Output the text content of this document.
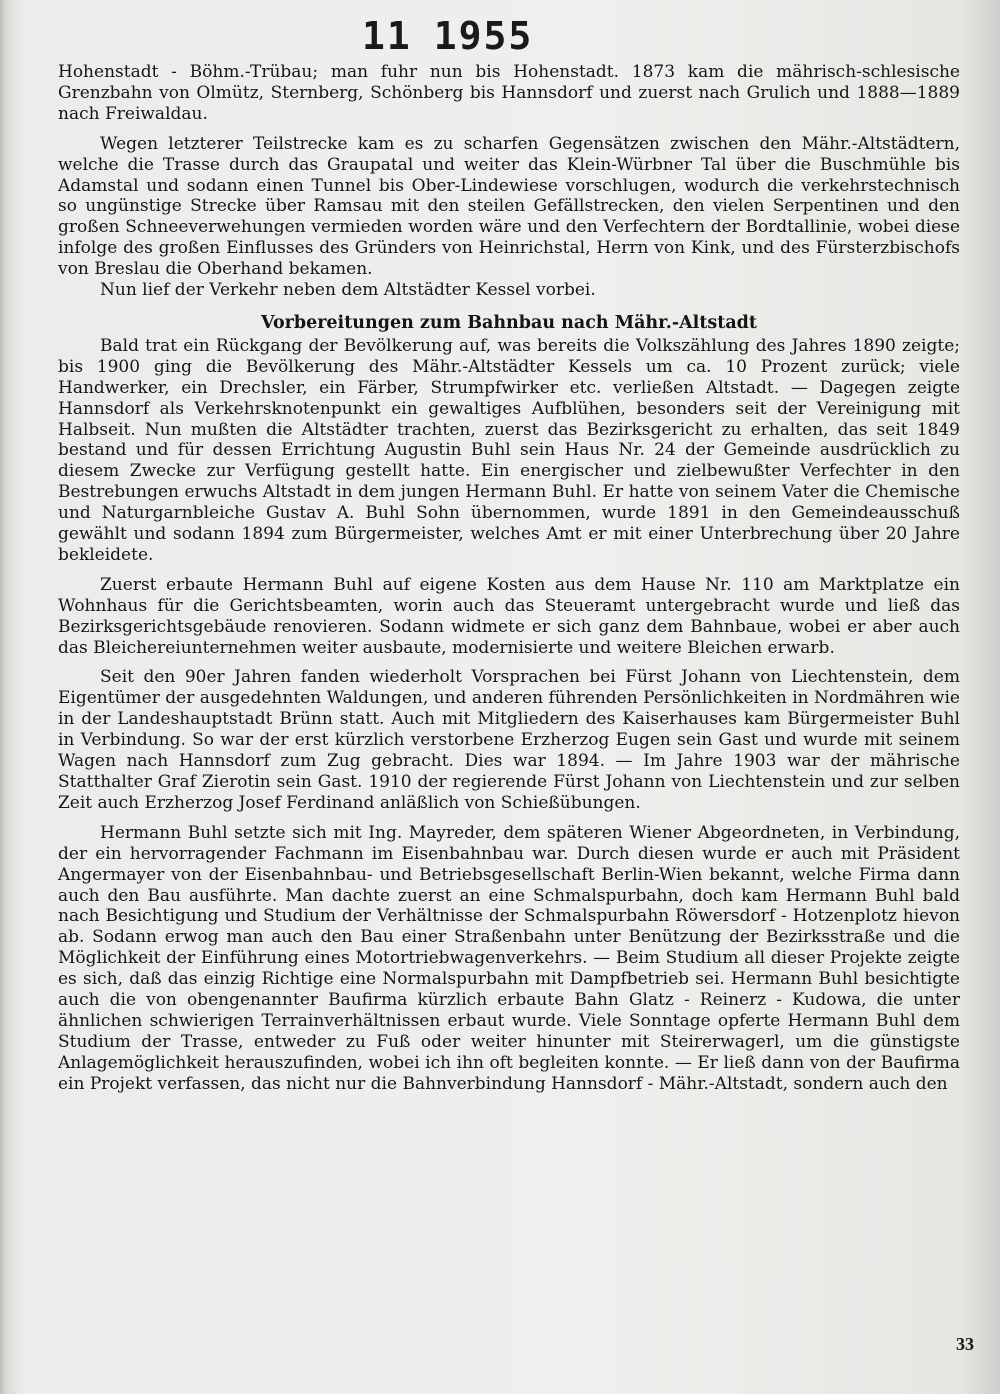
11 1955

Hohenstadt - Böhm.-Trübau; man fuhr nun bis Hohenstadt. 1873 kam die mährisch-schlesische Grenzbahn von Olmütz, Sternberg, Schönberg bis Hannsdorf und zuerst nach Grulich und 1888—1889 nach Freiwaldau.

Wegen letzterer Teilstrecke kam es zu scharfen Gegensätzen zwischen den Mähr.-Altstädtern, welche die Trasse durch das Graupatal und weiter das Klein-Würbner Tal über die Buschmühle bis Adamstal und sodann einen Tunnel bis Ober-Lindewiese vorschlugen, wodurch die verkehrstechnisch so ungünstige Strecke über Ramsau mit den steilen Gefällstrecken, den vielen Serpentinen und den großen Schneeverwehungen vermieden worden wäre und den Verfechtern der Bordtallinie, wobei diese infolge des großen Einflusses des Gründers von Heinrichstal, Herrn von Kink, und des Fürsterzbischofs von Breslau die Oberhand bekamen.

Nun lief der Verkehr neben dem Altstädter Kessel vorbei.

Vorbereitungen zum Bahnbau nach Mähr.-Altstadt

Bald trat ein Rückgang der Bevölkerung auf, was bereits die Volkszählung des Jahres 1890 zeigte; bis 1900 ging die Bevölkerung des Mähr.-Altstädter Kessels um ca. 10 Prozent zurück; viele Handwerker, ein Drechsler, ein Färber, Strumpfwirker etc. verließen Altstadt. — Dagegen zeigte Hannsdorf als Verkehrsknotenpunkt ein gewaltiges Aufblühen, besonders seit der Vereinigung mit Halbseit. Nun mußten die Altstädter trachten, zuerst das Bezirksgericht zu erhalten, das seit 1849 bestand und für dessen Errichtung Augustin Buhl sein Haus Nr. 24 der Gemeinde ausdrücklich zu diesem Zwecke zur Verfügung gestellt hatte. Ein energischer und zielbewußter Verfechter in den Bestrebungen erwuchs Altstadt in dem jungen Hermann Buhl. Er hatte von seinem Vater die Chemische und Naturgarnbleiche Gustav A. Buhl Sohn übernommen, wurde 1891 in den Gemeindeausschuß gewählt und sodann 1894 zum Bürgermeister, welches Amt er mit einer Unterbrechung über 20 Jahre bekleidete.

Zuerst erbaute Hermann Buhl auf eigene Kosten aus dem Hause Nr. 110 am Marktplatze ein Wohnhaus für die Gerichtsbeamten, worin auch das Steueramt untergebracht wurde und ließ das Bezirksgerichtsgebäude renovieren. Sodann widmete er sich ganz dem Bahnbaue, wobei er aber auch das Bleichereiunternehmen weiter ausbaute, modernisierte und weitere Bleichen erwarb.

Seit den 90er Jahren fanden wiederholt Vorsprachen bei Fürst Johann von Liechtenstein, dem Eigentümer der ausgedehnten Waldungen, und anderen führenden Persönlichkeiten in Nordmähren wie in der Landeshauptstadt Brünn statt. Auch mit Mitgliedern des Kaiserhauses kam Bürgermeister Buhl in Verbindung. So war der erst kürzlich verstorbene Erzherzog Eugen sein Gast und wurde mit seinem Wagen nach Hannsdorf zum Zug gebracht. Dies war 1894. — Im Jahre 1903 war der mährische Statthalter Graf Zierotin sein Gast. 1910 der regierende Fürst Johann von Liechtenstein und zur selben Zeit auch Erzherzog Josef Ferdinand anläßlich von Schießübungen.

Hermann Buhl setzte sich mit Ing. Mayreder, dem späteren Wiener Abgeordneten, in Verbindung, der ein hervorragender Fachmann im Eisenbahnbau war. Durch diesen wurde er auch mit Präsident Angermayer von der Eisenbahnbau- und Betriebsgesellschaft Berlin-Wien bekannt, welche Firma dann auch den Bau ausführte. Man dachte zuerst an eine Schmalspurbahn, doch kam Hermann Buhl bald nach Besichtigung und Studium der Verhältnisse der Schmalspurbahn Röwersdorf - Hotzenplotz hievon ab. Sodann erwog man auch den Bau einer Straßenbahn unter Benützung der Bezirksstraße und die Möglichkeit der Einführung eines Motortriebwagenverkehrs. — Beim Studium all dieser Projekte zeigte es sich, daß das einzig Richtige eine Normalspurbahn mit Dampfbetrieb sei. Hermann Buhl besichtigte auch die von obengenannter Baufirma kürzlich erbaute Bahn Glatz - Reinerz - Kudowa, die unter ähnlichen schwierigen Terrainverhältnissen erbaut wurde. Viele Sonntage opferte Hermann Buhl dem Studium der Trasse, entweder zu Fuß oder weiter hinunter mit Steirerwagerl, um die günstigste Anlagemöglichkeit herauszufinden, wobei ich ihn oft begleiten konnte. — Er ließ dann von der Baufirma ein Projekt verfassen, das nicht nur die Bahnverbindung Hannsdorf - Mähr.-Altstadt, sondern auch den

33
